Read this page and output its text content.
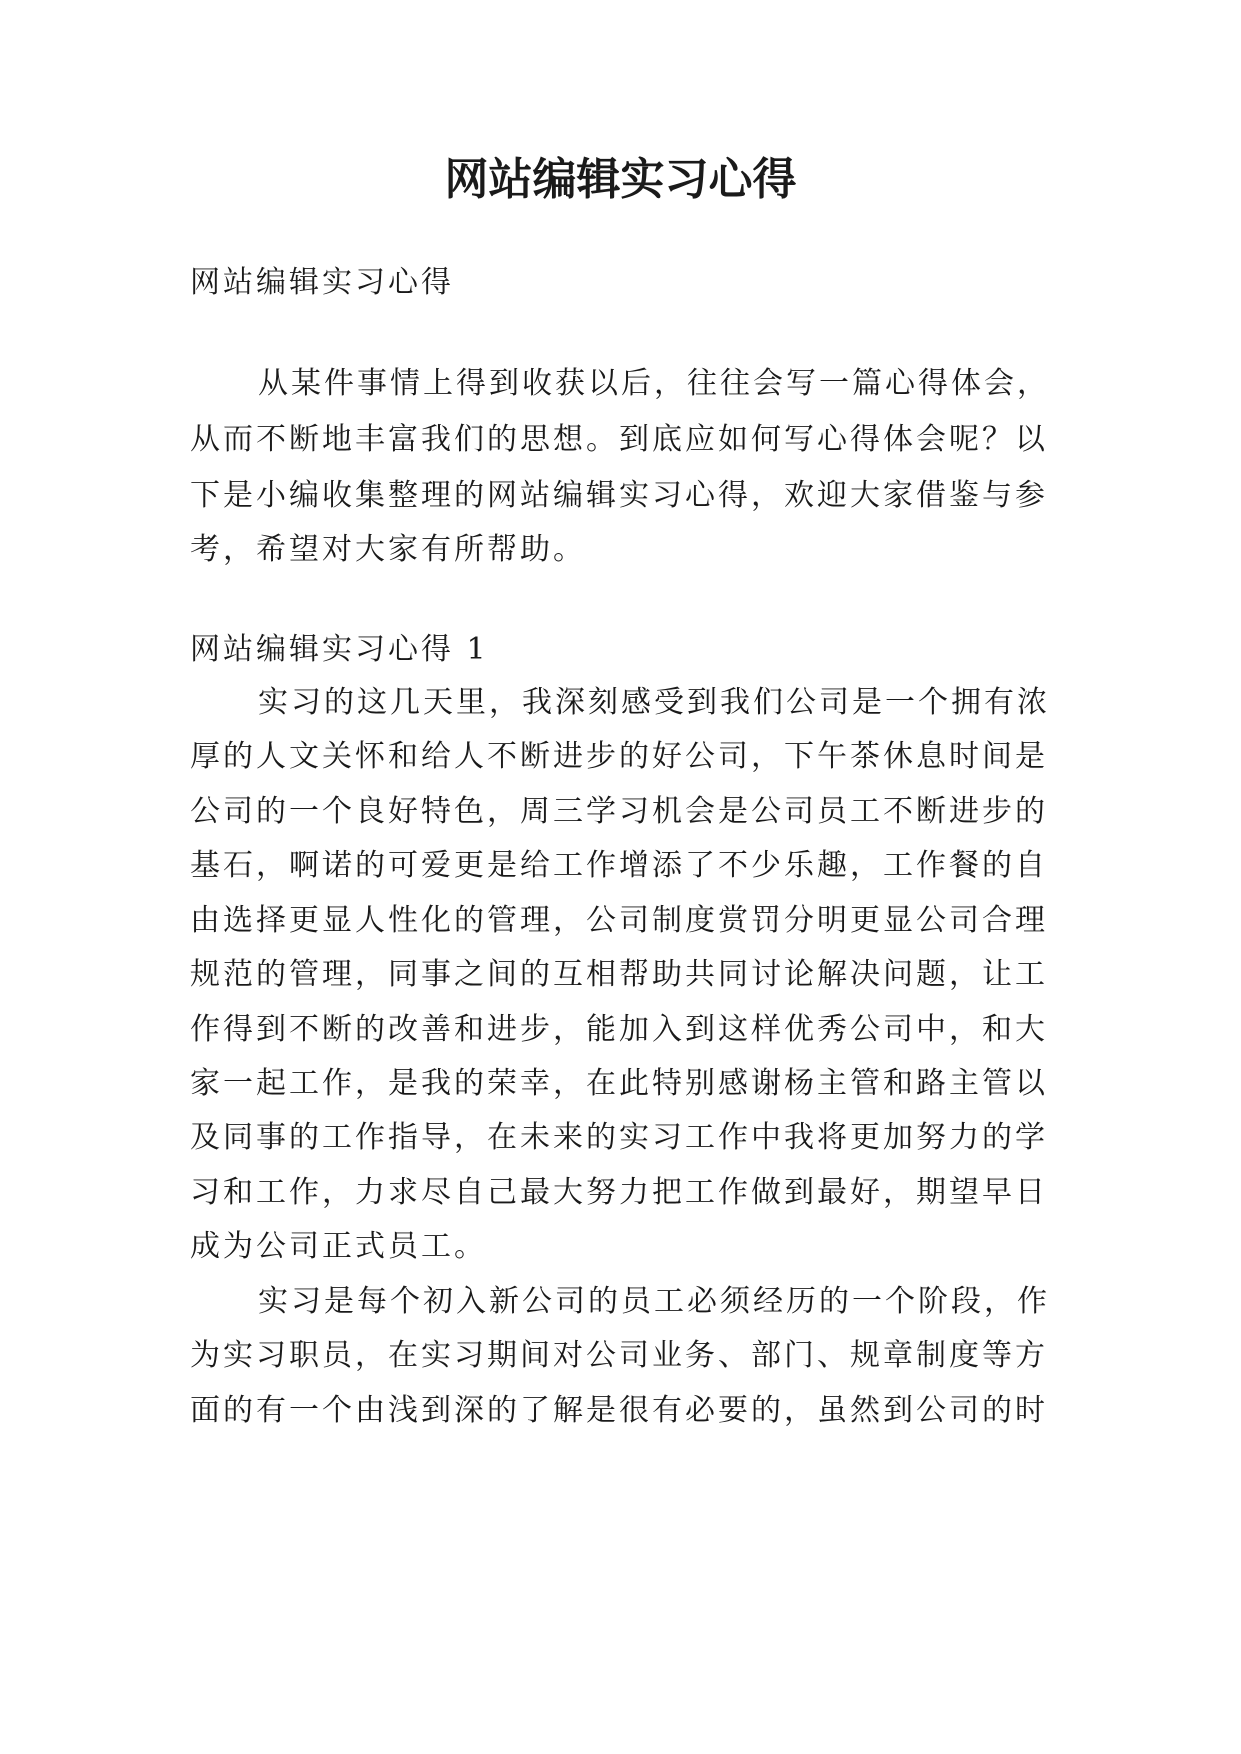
网站编辑实习心得

网站编辑实习心得

从某件事情上得到收获以后，往往会写一篇心得体会，

从而不断地丰富我们的思想。到底应如何写心得体会呢？以

下是小编收集整理的网站编辑实习心得，欢迎大家借鉴与参

考，希望对大家有所帮助。

网站编辑实习心得 1

实习的这几天里，我深刻感受到我们公司是一个拥有浓

厚的人文关怀和给人不断进步的好公司，下午茶休息时间是

公司的一个良好特色，周三学习机会是公司员工不断进步的

基石，啊诺的可爱更是给工作增添了不少乐趣，工作餐的自

由选择更显人性化的管理，公司制度赏罚分明更显公司合理

规范的管理，同事之间的互相帮助共同讨论解决问题，让工

作得到不断的改善和进步，能加入到这样优秀公司中，和大

家一起工作，是我的荣幸，在此特别感谢杨主管和路主管以

及同事的工作指导，在未来的实习工作中我将更加努力的学

习和工作，力求尽自己最大努力把工作做到最好，期望早日

成为公司正式员工。

实习是每个初入新公司的员工必须经历的一个阶段，作

为实习职员，在实习期间对公司业务、部门、规章制度等方

面的有一个由浅到深的了解是很有必要的，虽然到公司的时
